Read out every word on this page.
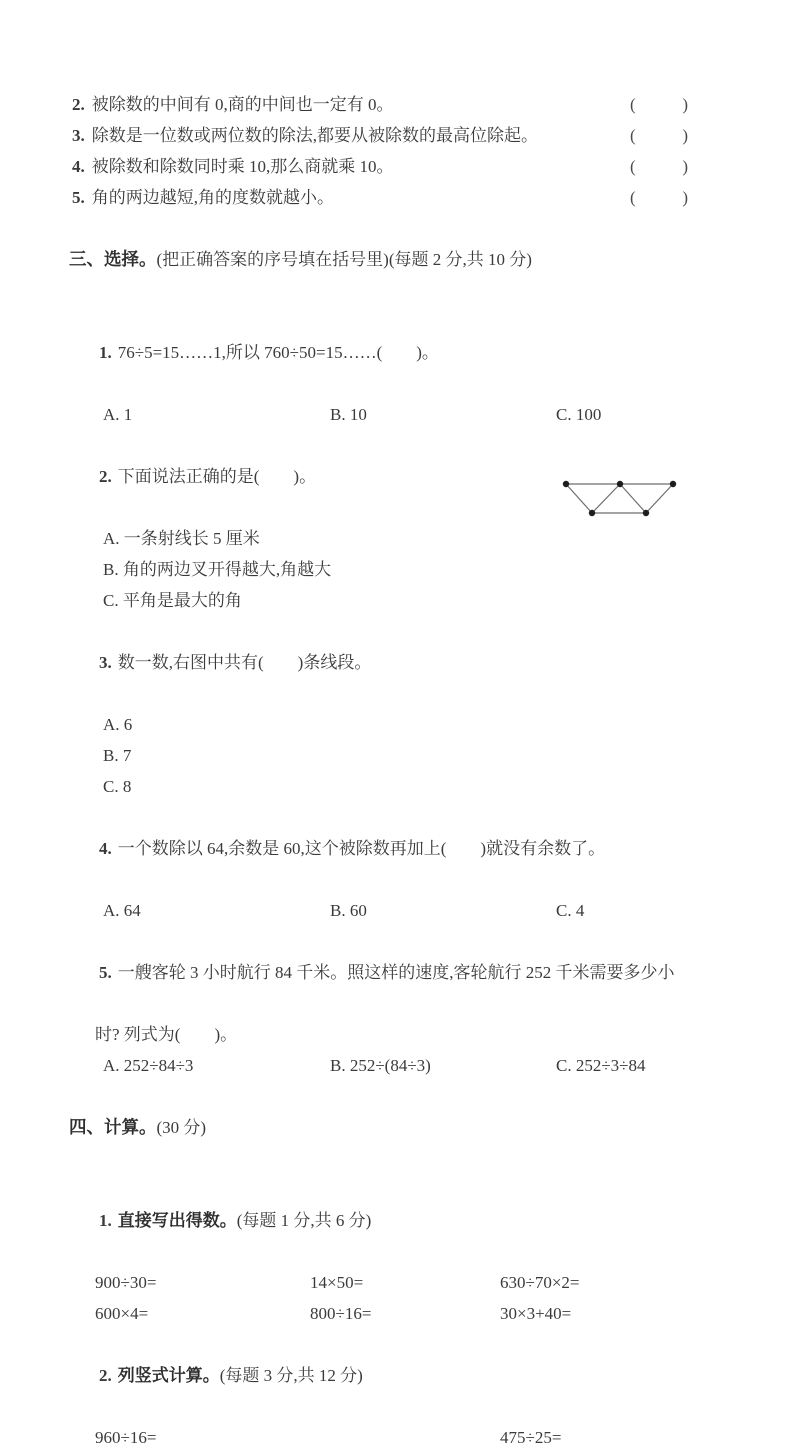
2. 被除数的中间有 0,商的中间也一定有 0。	(	)
3. 除数是一位数或两位数的除法,都要从被除数的最高位除起。	(	)
4. 被除数和除数同时乘 10,那么商就乘 10。	(	)
5. 角的两边越短,角的度数就越小。	(	)

三、选择。(把正确答案的序号填在括号里)(每题 2 分,共 10 分)

1. 76÷5=15……1,所以 760÷50=15……(　　)。

A. 1	B. 10	C. 100

2. 下面说法正确的是(　　)。

A. 一条射线长 5 厘米
B. 角的两边叉开得越大,角越大
C. 平角是最大的角

3. 数一数,右图中共有(　　)条线段。

A. 6
B. 7
C. 8

4. 一个数除以 64,余数是 60,这个被除数再加上(　　)就没有余数了。

A. 64	B. 60	C. 4

5. 一艘客轮 3 小时航行 84 千米。照这样的速度,客轮航行 252 千米需要多少小

时? 列式为(　　)。
A. 252÷84÷3	B. 252÷(84÷3)	C. 252÷3÷84

四、计算。(30 分)

1. 直接写出得数。(每题 1 分,共 6 分)

900÷30=	14×50=	630÷70×2=
600×4=	800÷16=	30×3+40=

2. 列竖式计算。(每题 3 分,共 12 分)

960÷16=	475÷25=
